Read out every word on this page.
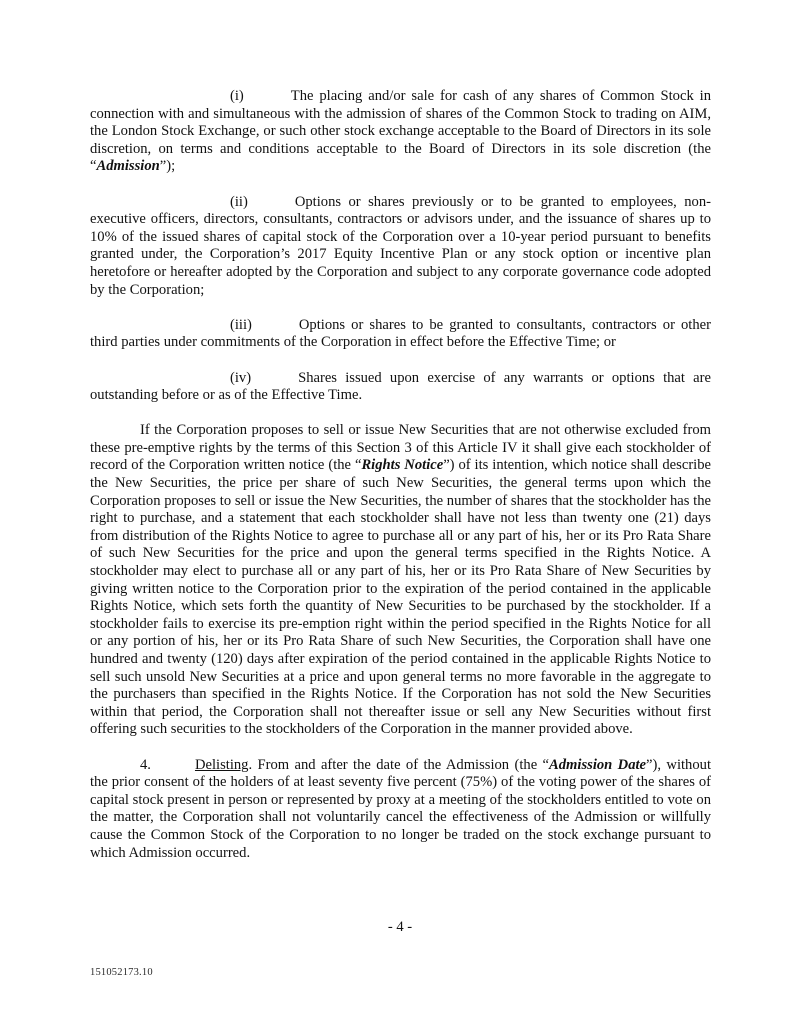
(i)	The placing and/or sale for cash of any shares of Common Stock in connection with and simultaneous with the admission of shares of the Common Stock to trading on AIM, the London Stock Exchange, or such other stock exchange acceptable to the Board of Directors in its sole discretion, on terms and conditions acceptable to the Board of Directors in its sole discretion (the “Admission”);

(ii)	Options or shares previously or to be granted to employees, non-executive officers, directors, consultants, contractors or advisors under, and the issuance of shares up to 10% of the issued shares of capital stock of the Corporation over a 10-year period pursuant to benefits granted under, the Corporation’s 2017 Equity Incentive Plan or any stock option or incentive plan heretofore or hereafter adopted by the Corporation and subject to any corporate governance code adopted by the Corporation;

(iii)	Options or shares to be granted to consultants, contractors or other third parties under commitments of the Corporation in effect before the Effective Time; or

(iv)	Shares issued upon exercise of any warrants or options that are outstanding before or as of the Effective Time.

If the Corporation proposes to sell or issue New Securities that are not otherwise excluded from these pre-emptive rights by the terms of this Section 3 of this Article IV it shall give each stockholder of record of the Corporation written notice (the “Rights Notice”) of its intention, which notice shall describe the New Securities, the price per share of such New Securities, the general terms upon which the Corporation proposes to sell or issue the New Securities, the number of shares that the stockholder has the right to purchase, and a statement that each stockholder shall have not less than twenty one (21) days from distribution of the Rights Notice to agree to purchase all or any part of his, her or its Pro Rata Share of such New Securities for the price and upon the general terms specified in the Rights Notice. A stockholder may elect to purchase all or any part of his, her or its Pro Rata Share of New Securities by giving written notice to the Corporation prior to the expiration of the period contained in the applicable Rights Notice, which sets forth the quantity of New Securities to be purchased by the stockholder. If a stockholder fails to exercise its pre-emption right within the period specified in the Rights Notice for all or any portion of his, her or its Pro Rata Share of such New Securities, the Corporation shall have one hundred and twenty (120) days after expiration of the period contained in the applicable Rights Notice to sell such unsold New Securities at a price and upon general terms no more favorable in the aggregate to the purchasers than specified in the Rights Notice. If the Corporation has not sold the New Securities within that period, the Corporation shall not thereafter issue or sell any New Securities without first offering such securities to the stockholders of the Corporation in the manner provided above.

4.	Delisting. From and after the date of the Admission (the “Admission Date”), without the prior consent of the holders of at least seventy five percent (75%) of the voting power of the shares of capital stock present in person or represented by proxy at a meeting of the stockholders entitled to vote on the matter, the Corporation shall not voluntarily cancel the effectiveness of the Admission or willfully cause the Common Stock of the Corporation to no longer be traded on the stock exchange pursuant to which Admission occurred.

- 4 -
151052173.10
